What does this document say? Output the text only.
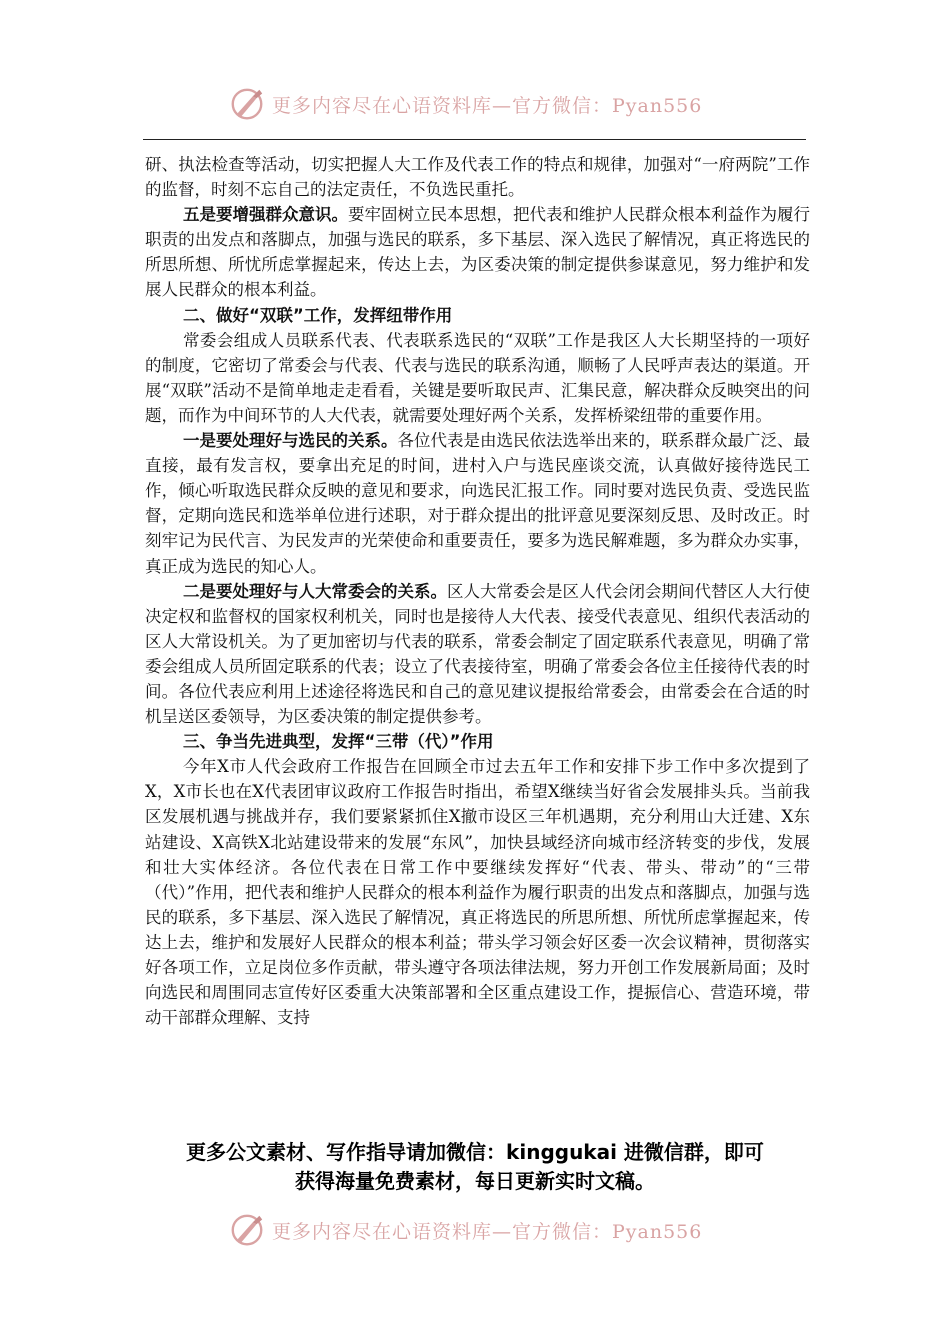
更多内容尽在心语资料库—官方微信：Pyan556

研、执法检查等活动，切实把握人大工作及代表工作的特点和规律，加强对“一府两院”工作的监督，时刻不忘自己的法定责任，不负选民重托。

五是要增强群众意识。要牢固树立民本思想，把代表和维护人民群众根本利益作为履行职责的出发点和落脚点，加强与选民的联系，多下基层、深入选民了解情况，真正将选民的所思所想、所忧所虑掌握起来，传达上去，为区委决策的制定提供参谋意见，努力维护和发展人民群众的根本利益。

二、做好“双联”工作，发挥纽带作用

常委会组成人员联系代表、代表联系选民的“双联”工作是我区人大长期坚持的一项好的制度，它密切了常委会与代表、代表与选民的联系沟通，顺畅了人民呼声表达的渠道。开展“双联”活动不是简单地走走看看，关键是要听取民声、汇集民意，解决群众反映突出的问题，而作为中间环节的人大代表，就需要处理好两个关系，发挥桥梁纽带的重要作用。

一是要处理好与选民的关系。各位代表是由选民依法选举出来的，联系群众最广泛、最直接，最有发言权，要拿出充足的时间，进村入户与选民座谈交流，认真做好接待选民工作，倾心听取选民群众反映的意见和要求，向选民汇报工作。同时要对选民负责、受选民监督，定期向选民和选举单位进行述职，对于群众提出的批评意见要深刻反思、及时改正。时刻牢记为民代言、为民发声的光荣使命和重要责任，要多为选民解难题，多为群众办实事，真正成为选民的知心人。

二是要处理好与人大常委会的关系。区人大常委会是区人代会闭会期间代替区人大行使决定权和监督权的国家权利机关，同时也是接待人大代表、接受代表意见、组织代表活动的区人大常设机关。为了更加密切与代表的联系，常委会制定了固定联系代表意见，明确了常委会组成人员所固定联系的代表；设立了代表接待室，明确了常委会各位主任接待代表的时间。各位代表应利用上述途径将选民和自己的意见建议提报给常委会，由常委会在合适的时机呈送区委领导，为区委决策的制定提供参考。

三、争当先进典型，发挥“三带（代）”作用

今年X市人代会政府工作报告在回顾全市过去五年工作和安排下步工作中多次提到了X，X市长也在X代表团审议政府工作报告时指出，希望X继续当好省会发展排头兵。当前我区发展机遇与挑战并存，我们要紧紧抓住X撤市设区三年机遇期，充分利用山大迁建、X东站建设、X高铁X北站建设带来的发展“东风”，加快县域经济向城市经济转变的步伐，发展和壮大实体经济。各位代表在日常工作中要继续发挥好“代表、带头、带动”的“三带（代）”作用，把代表和维护人民群众的根本利益作为履行职责的出发点和落脚点，加强与选民的联系，多下基层、深入选民了解情况，真正将选民的所思所想、所忧所虑掌握起来，传达上去，维护和发展好人民群众的根本利益；带头学习领会好区委一次会议精神，贯彻落实好各项工作，立足岗位多作贡献，带头遵守各项法律法规，努力开创工作发展新局面；及时向选民和周围同志宣传好区委重大决策部署和全区重点建设工作，提振信心、营造环境，带动干部群众理解、支持

更多公文素材、写作指导请加微信：kinggukai 进微信群，即可
获得海量免费素材，每日更新实时文稿。
更多内容尽在心语资料库—官方微信：Pyan556
